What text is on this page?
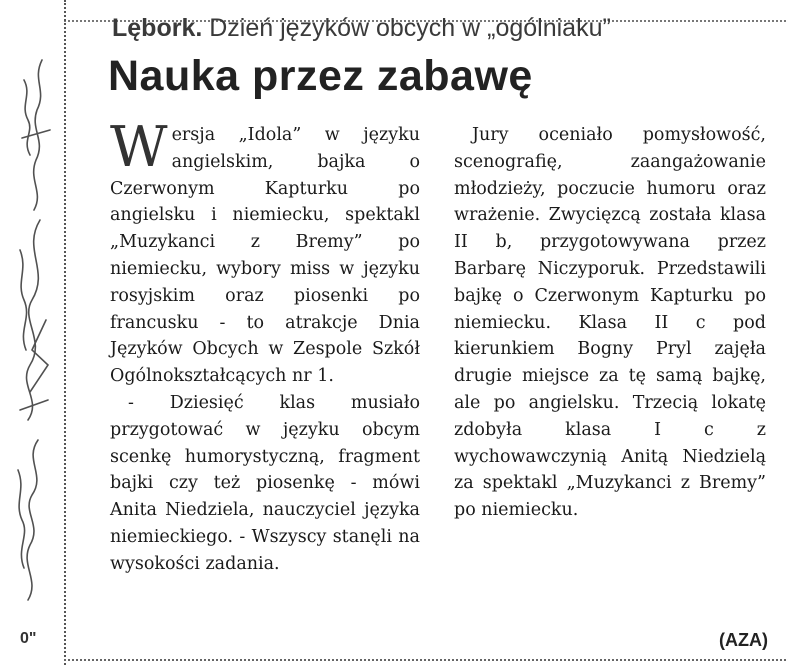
0"
Lębork. Dzień języków obcych w „ogólniaku”
Nauka przez zabawę

Wersja „Idola” w języku angielskim, bajka o Czerwonym Kapturku po angielsku i niemiecku, spektakl „Muzykanci z Bremy” po niemiecku, wybory miss w języku rosyjskim oraz piosenki po francusku - to atrakcje Dnia Języków Obcych w Zespole Szkół Ogólnokształcących nr 1.

- Dziesięć klas musiało przygotować w języku obcym scenkę humorystyczną, fragment bajki czy też piosenkę - mówi Anita Niedziela, nauczyciel języka niemieckiego. - Wszyscy stanęli na wysokości zadania.

Jury oceniało pomysłowość, scenografię, zaangażowanie młodzieży, poczucie humoru oraz wrażenie. Zwycięzcą została klasa II b, przygotowywana przez Barbarę Niczyporuk. Przedstawili bajkę o Czerwonym Kapturku po niemiecku. Klasa II c pod kierunkiem Bogny Pryl zajęła drugie miejsce za tę samą bajkę, ale po angielsku. Trzecią lokatę zdobyła klasa I c z wychowawczynią Anitą Niedzielą za spektakl „Muzykanci z Bremy” po niemiecku.

(AZA)
